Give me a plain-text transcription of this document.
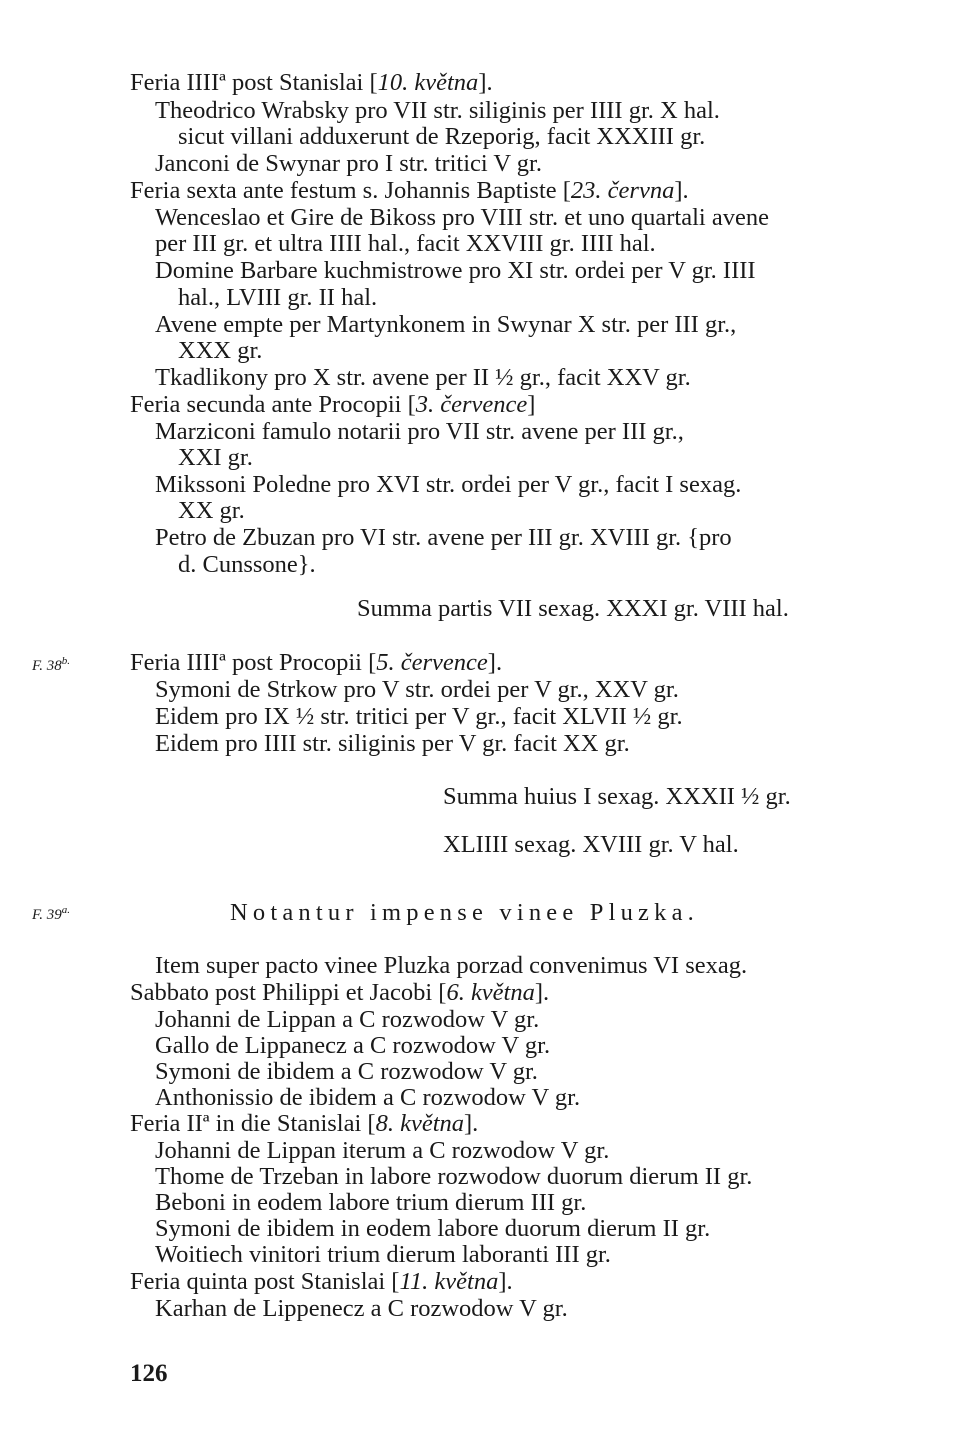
Feria IIIIª post Stanislai [10. května].
Theodrico Wrabsky pro VII str. siliginis per IIII gr. X hal.
sicut villani adduxerunt de Rzeporig, facit XXXIII gr.
Janconi de Swynar pro I str. tritici V gr.
Feria sexta ante festum s. Johannis Baptiste [23. června].
Wenceslao et Gire de Bikoss pro VIII str. et uno quartali avene
per III gr. et ultra IIII hal., facit XXVIII gr. IIII hal.
Domine Barbare kuchmistrowe pro XI str. ordei per V gr. IIII
hal., LVIII gr. II hal.
Avene empte per Martynkonem in Swynar X str. per III gr.,
XXX gr.
Tkadlikony pro X str. avene per II ½ gr., facit XXV gr.
Feria secunda ante Procopii [3. července]
Marziconi famulo notarii pro VII str. avene per III gr.,
XXI gr.
Mikssoni Poledne pro XVI str. ordei per V gr., facit I sexag.
XX gr.
Petro de Zbuzan pro VI str. avene per III gr. XVIII gr. {pro
d. Cunssone}.
Feria IIIIª post Procopii [5. července].
Symoni de Strkow pro V str. ordei per V gr., XXV gr.
Eidem pro IX ½ str. tritici per V gr., facit XLVII ½ gr.
Eidem pro IIII str. siliginis per V gr. facit XX gr.
Item super pacto vinee Pluzka porzad convenimus VI sexag.
Sabbato post Philippi et Jacobi [6. května].
Johanni de Lippan a C rozwodow V gr.
Gallo de Lippanecz a C rozwodow V gr.
Symoni de ibidem a C rozwodow V gr.
Anthonissio de ibidem a C rozwodow V gr.
Feria IIª in die Stanislai [8. května].
Johanni de Lippan iterum a C rozwodow V gr.
Thome de Trzeban in labore rozwodow duorum dierum II gr.
Beboni in eodem labore trium dierum III gr.
Symoni de ibidem in eodem labore duorum dierum II gr.
Woitiech vinitori trium dierum laboranti III gr.
Feria quinta post Stanislai [11. května].
Karhan de Lippenecz a C rozwodow V gr.
Summa partis VII sexag. XXXI gr. VIII hal.
Summa huius I sexag. XXXII ½ gr.
XLIIII sexag. XVIII gr. V hal.
F. $38^{b.}$
F. $39^{a.}$	Notantur impense vinee Pluzka.
126
